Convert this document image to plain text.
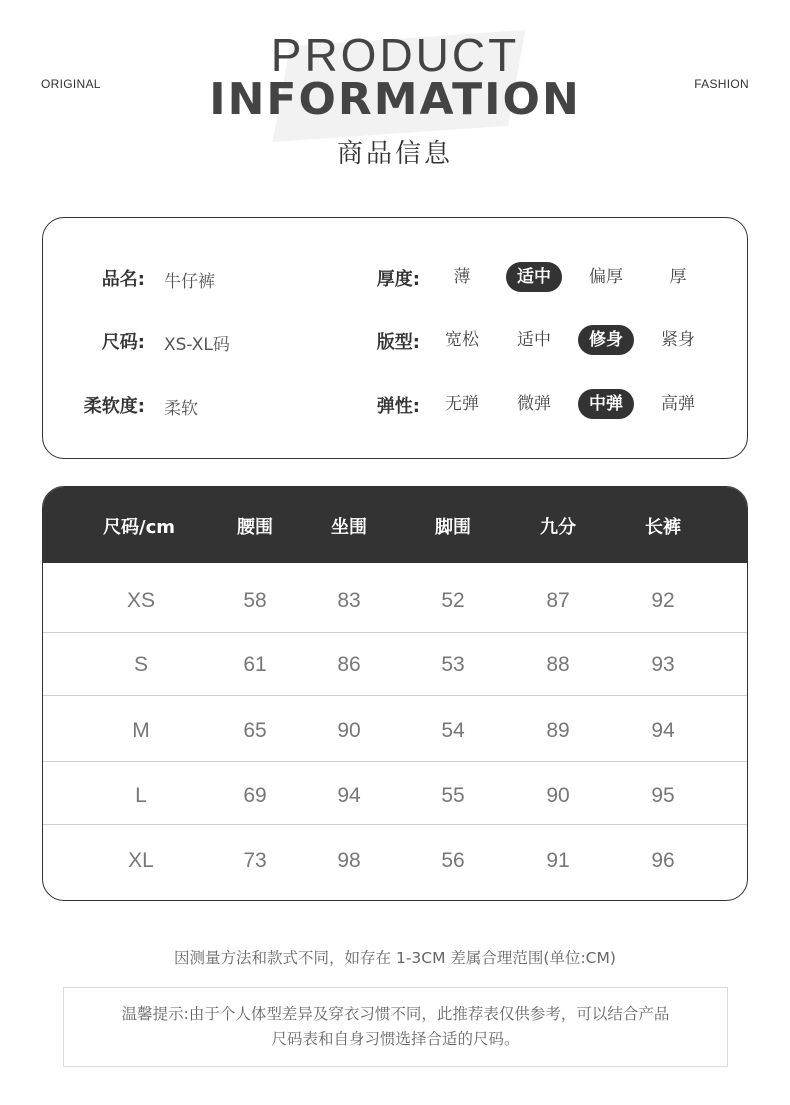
ORIGINAL	FASHION
PRODUCT
INFORMATION
商品信息
品名: 牛仔裤	厚度:	薄	适中	偏厚	厚
尺码: XS-XL码	版型:	宽松	适中	修身	紧身
柔软度: 柔软	弹性:	无弹	微弹	中弹	高弹
尺码/cm	腰围	坐围	脚围	九分	长裤
XS	58	83	52	87	92
S	61	86	53	88	93
M	65	90	54	89	94
L	69	94	55	90	95
XL	73	98	56	91	96
因测量方法和款式不同，如存在 1-3CM 差属合理范围(单位:CM)
温馨提示:由于个人体型差异及穿衣习惯不同，此推荐表仅供参考，可以结合产品
尺码表和自身习惯选择合适的尺码。
